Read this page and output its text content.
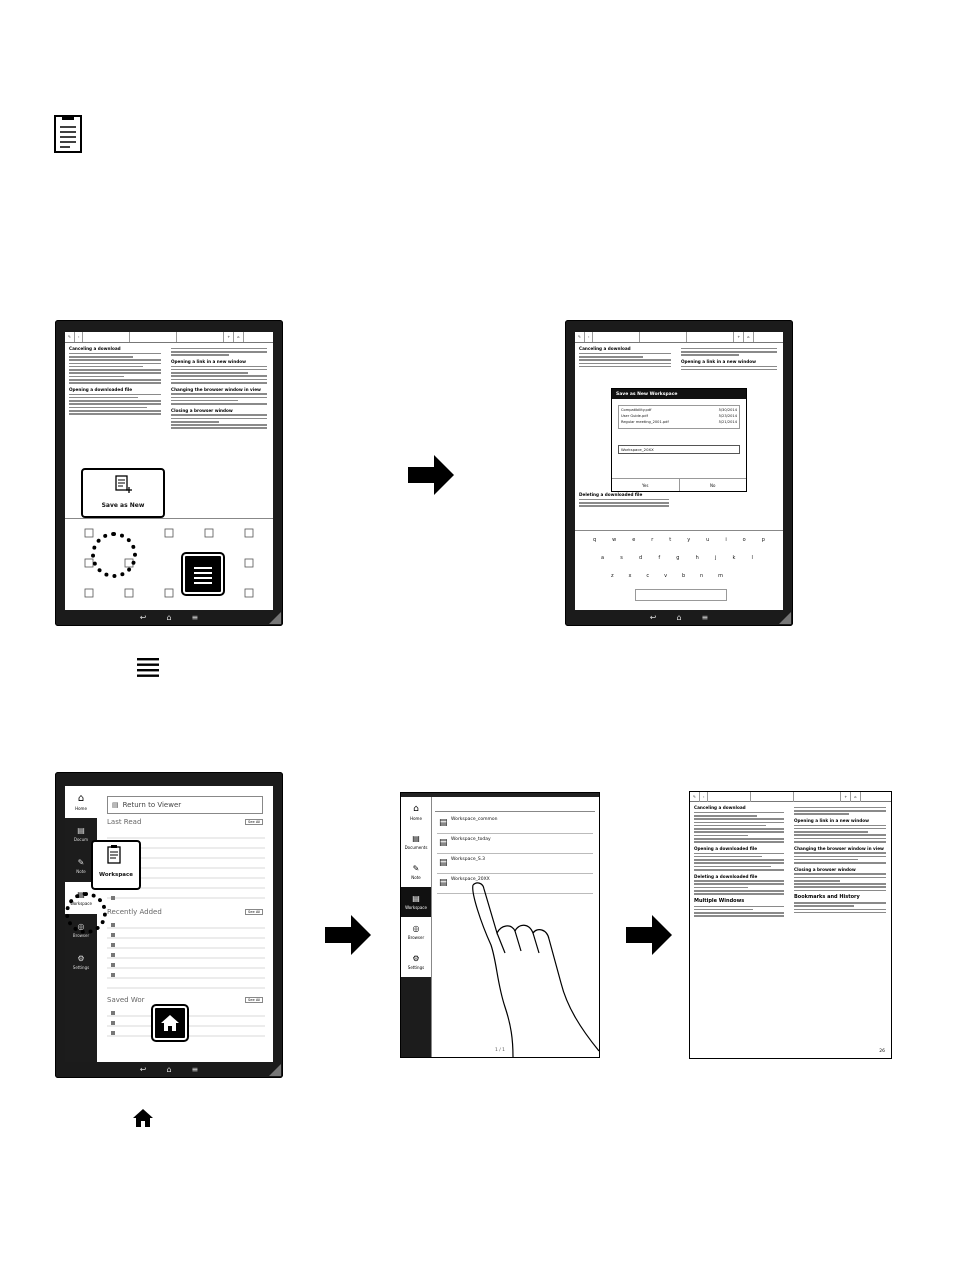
✎	‹

	+	⌂
Canceling a download
Opening a downloaded file
Opening a link in a new window
Changing the browser window in view
Closing a browser window
Save as New
↩	⌂	≡
✎	‹

	+	⌂
Canceling a download
Opening a link in a new window
Deleting a downloaded file
Save as New Workspace
Compatibility.pdf	5/30/2014
User Guide.pdf	5/23/2014
Regular meeting_2001.pdf	5/21/2014
Workspace_20XX
Yes	No
q	w	e	r	t	y	u	i	o	p
a	s	d	f	g	h	j	k	l
z	x	c	v	b	n	m
↩	⌂	≡
⌂
Home
▤
Docum
✎
Note
▤
Workspace
◎
Browser
⚙
Settings
▤ Return to Viewer
Last Read	See All
Recently Added	See All
Saved Wor	See All
Workspace
↩	⌂	≡
⌂
Home
▤
Documents
✎
Note
▤
Workspace
◎
Browser
⚙
Settings
▤ Workspace_common
▤ Workspace_today
▤ Workspace_S.3
▤ Workspace_20XX
1 / 1
✎	‹

	+	⌂
Canceling a download
Opening a downloaded file
Deleting a downloaded file
Multiple Windows
Opening a link in a new window
Changing the browser window in view
Closing a browser window
Bookmarks and History
26
